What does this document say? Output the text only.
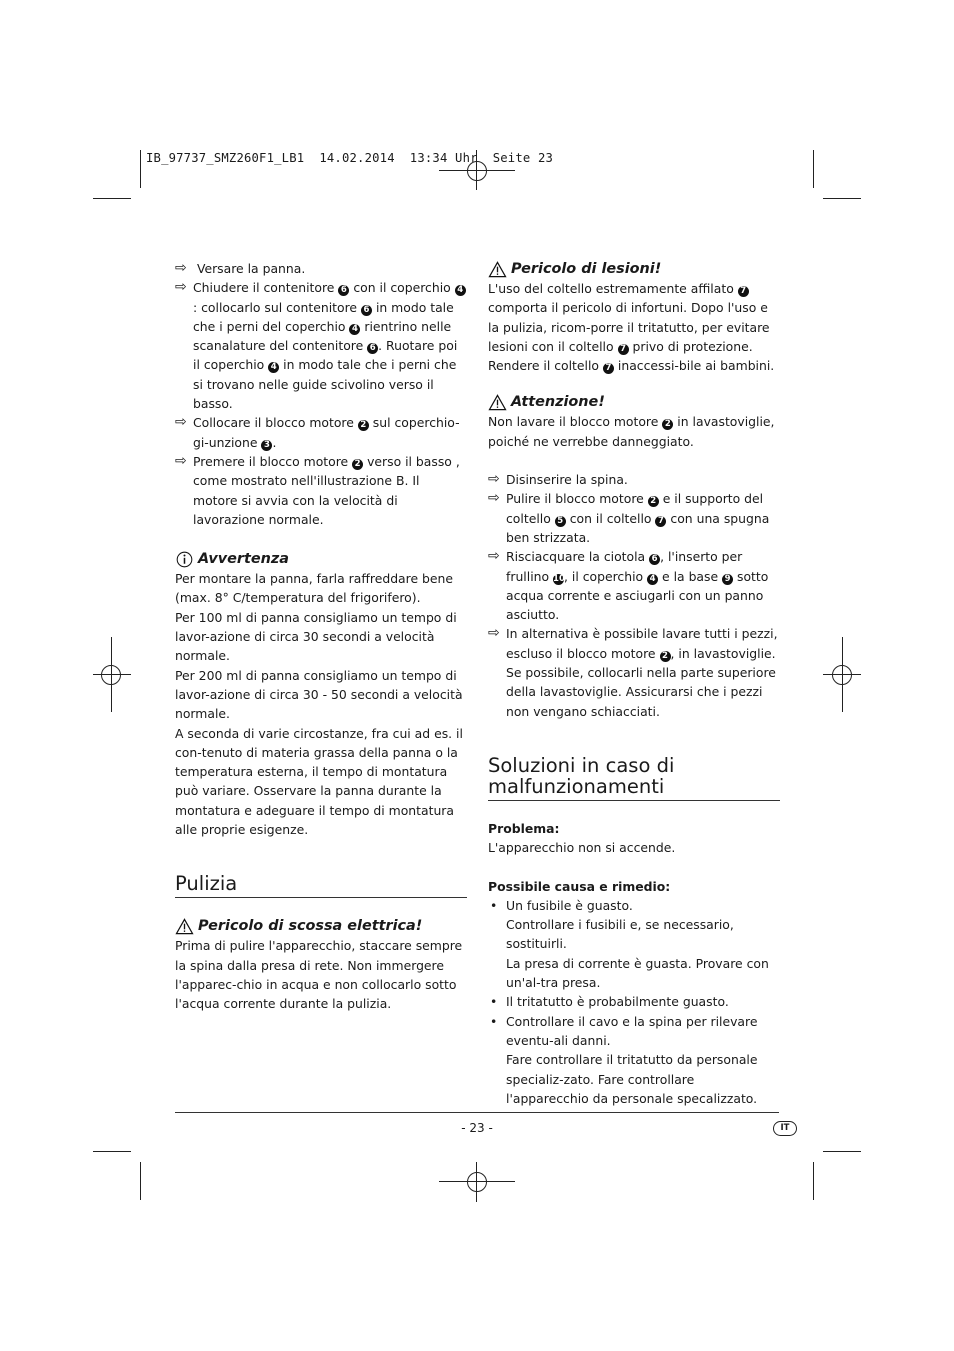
IB_97737_SMZ260F1_LB1  14.02.2014  13:34 Uhr  Seite 23
⇨ Versare la panna.

⇨ Chiudere il contenitore 6 con il coperchio 4: collocarlo sul contenitore 6 in modo tale che i perni del coperchio 4 rientrino nelle scanalature del contenitore 6 . Ruotare poi il coperchio 4 in modo tale che i perni che si trovano nelle guide scivolino verso il basso.

⇨ Collocare il blocco motore 2 sul coperchio-gi-unzione 3 .

⇨ Premere il blocco motore 2 verso il basso , come mostrato nell'illustrazione B. Il motore si avvia con la velocità di lavorazione normale.

Avvertenza

Per montare la panna, farla raffreddare bene (max. 8° C/temperatura del frigorifero).

Per 100 ml di panna consigliamo un tempo di lavor-azione di circa 30 secondi a velocità normale.

Per 200 ml di panna consigliamo un tempo di lavor-azione di circa 30 - 50 secondi a velocità normale.

A seconda di varie circostanze, fra cui ad es. il con-tenuto di materia grassa della panna o la temperatura esterna, il tempo di montatura può variare. Osservare la panna durante la montatura e adeguare il tempo di montatura alle proprie esigenze.

Pulizia

Pericolo di scossa elettrica!

Prima di pulire l'apparecchio, staccare sempre la spina dalla presa di rete. Non immergere l'apparec-chio in acqua e non collocarlo sotto l'acqua corrente durante la pulizia.

Pericolo di lesioni!

L'uso del coltello estremamente affilato 7 comporta il pericolo di infortuni. Dopo l'uso e la pulizia, ricom-porre il tritatutto, per evitare lesioni con il coltello 7 privo di protezione. Rendere il coltello 7 inaccessi-bile ai bambini.

Attenzione!

Non lavare il blocco motore 2 in lavastoviglie, poiché ne verrebbe danneggiato.

⇨ Disinserire la spina.

⇨ Pulire il blocco motore 2 e il supporto del coltello 5 con il coltello 7 con una spugna ben strizzata.

⇨ Risciacquare la ciotola 6 , l'inserto per frullino 10, il coperchio 4 e la base 9 sotto acqua corrente e asciugarli con un panno asciutto.

⇨ In alternativa è possibile lavare tutti i pezzi, escluso il blocco motore 2 , in lavastoviglie. Se possibile, collocarli nella parte superiore della lavastoviglie. Assicurarsi che i pezzi non vengano schiacciati.

Soluzioni in caso di
malfunzionamenti

Problema:

L'apparecchio non si accende.

Possibile causa e rimedio:

• Un fusibile è guasto.

Controllare i fusibili e, se necessario, sostituirli.

La presa di corrente è guasta. Provare con un'al-tra presa.

• Il tritatutto è probabilmente guasto.

• Controllare il cavo e la spina per rilevare eventu-ali danni.

Fare controllare il tritatutto da personale specializ-zato. Fare controllare l'apparecchio da personale specalizzato.

- 23 -	IT
